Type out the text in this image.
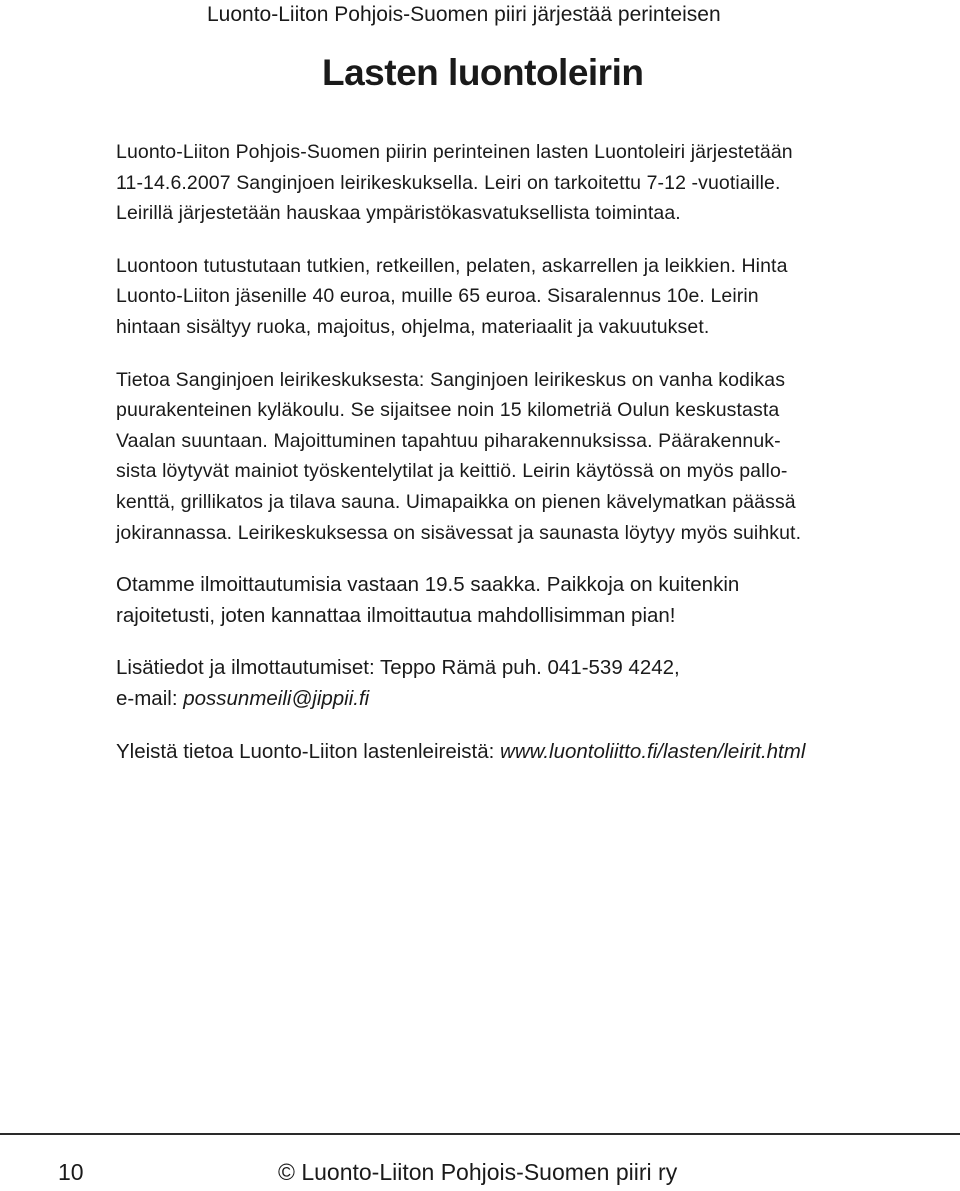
Luonto-Liiton Pohjois-Suomen piiri järjestää perinteisen
Lasten luontoleirin
Luonto-Liiton Pohjois-Suomen piirin perinteinen lasten Luontoleiri järjestetään
11-14.6.2007 Sanginjoen leirikeskuksella. Leiri on tarkoitettu 7-12 -vuotiaille.
Leirillä järjestetään hauskaa ympäristökasvatuksellista toimintaa.
Luontoon tutustutaan tutkien, retkeillen, pelaten, askarrellen ja leikkien. Hinta
Luonto-Liiton jäsenille 40 euroa, muille 65 euroa. Sisaralennus 10e. Leirin
hintaan sisältyy ruoka, majoitus, ohjelma, materiaalit ja vakuutukset.
Tietoa Sanginjoen leirikeskuksesta: Sanginjoen leirikeskus on vanha kodikas
puurakenteinen kyläkoulu. Se sijaitsee noin 15 kilometriä Oulun keskustasta
Vaalan suuntaan. Majoittuminen tapahtuu piharakennuksissa. Päärakennuk-
sista löytyvät mainiot työskentelytilat ja keittiö. Leirin käytössä on myös pallo-
kenttä, grillikatos ja tilava sauna. Uimapaikka on pienen kävelymatkan päässä
jokirannassa. Leirikeskuksessa on sisävessat ja saunasta löytyy myös suihkut.
Otamme ilmoittautumisia vastaan 19.5 saakka. Paikkoja on kuitenkin
rajoitetusti, joten kannattaa ilmoittautua mahdollisimman pian!
Lisätiedot ja ilmottautumiset: Teppo Rämä puh. 041-539 4242,
e-mail: possunmeili@jippii.fi
Yleistä tietoa Luonto-Liiton lastenleireistä: www.luontoliitto.fi/lasten/leirit.html
10	© Luonto-Liiton Pohjois-Suomen piiri ry
